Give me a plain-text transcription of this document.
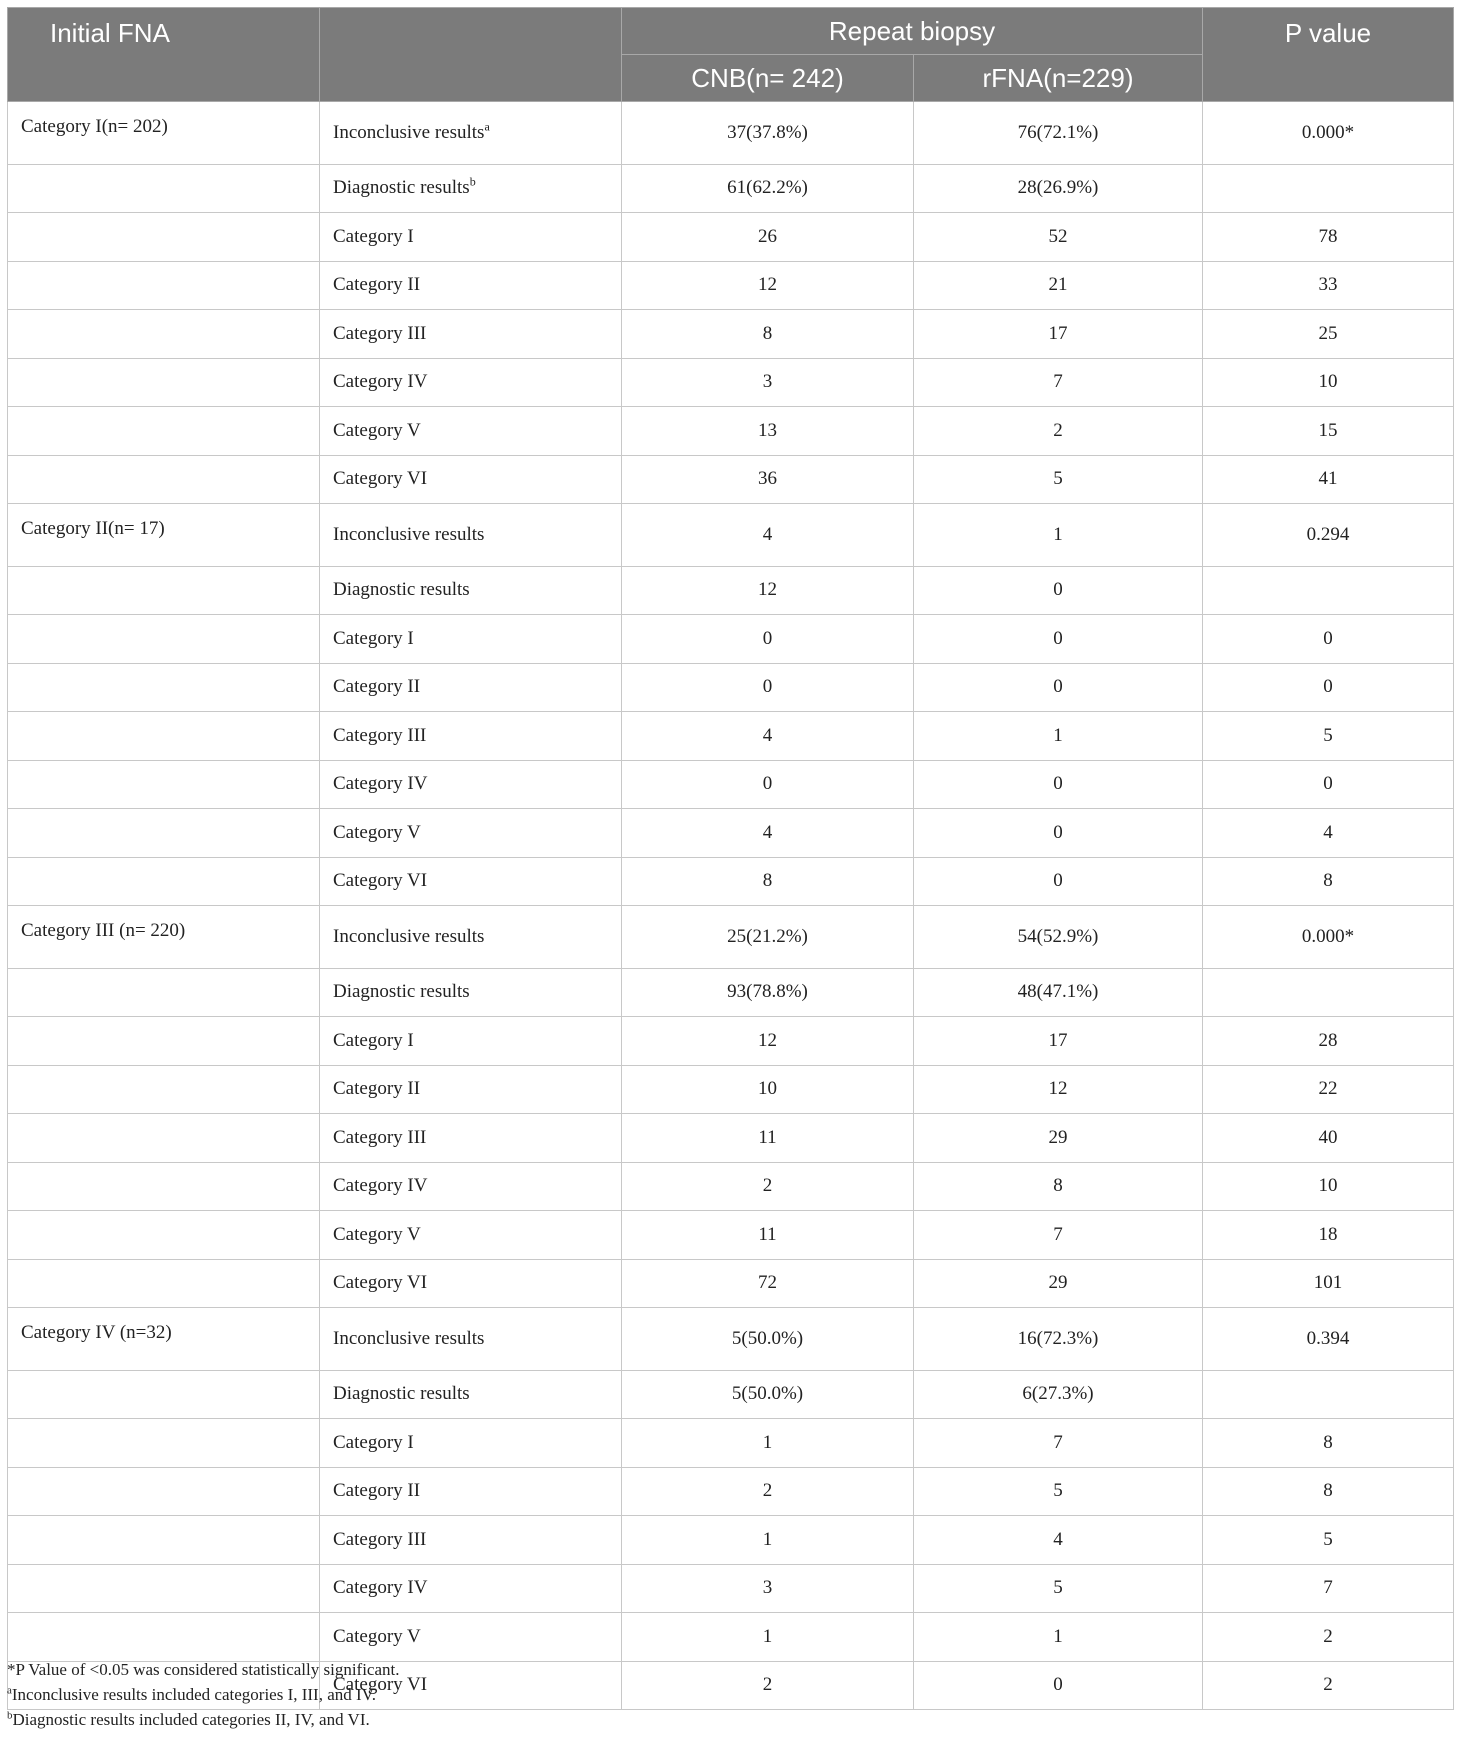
Initial FNA		Repeat biopsy		P value
		CNB(n= 242)	rFNA(n=229)	
Category I(n= 202)	Inconclusive results$^a$	37(37.8%)	76(72.1%)	0.000*
	Diagnostic results$^b$	61(62.2%)	28(26.9%)	
	Category I	26	52	78
	Category II	12	21	33
	Category III	8	17	25
	Category IV	3	7	10
	Category V	13	2	15
	Category VI	36	5	41
Category II(n= 17)	Inconclusive results	4	1	0.294
	Diagnostic results	12	0	
	Category I	0	0	0
	Category II	0	0	0
	Category III	4	1	5
	Category IV	0	0	0
	Category V	4	0	4
	Category VI	8	0	8
Category III (n= 220)	Inconclusive results	25(21.2%)	54(52.9%)	0.000*
	Diagnostic results	93(78.8%)	48(47.1%)	
	Category I	12	17	28
	Category II	10	12	22
	Category III	11	29	40
	Category IV	2	8	10
	Category V	11	7	18
	Category VI	72	29	101
Category IV (n=32)	Inconclusive results	5(50.0%)	16(72.3%)	0.394
	Diagnostic results	5(50.0%)	6(27.3%)	
	Category I	1	7	8
	Category II	2	5	8
	Category III	1	4	5
	Category IV	3	5	7
	Category V	1	1	2
	Category VI	2	0	2
*P Value of <0.05 was considered statistically significant.
$^a$Inconclusive results included categories I, III, and IV.
$^b$Diagnostic results included categories II, IV, and VI.
